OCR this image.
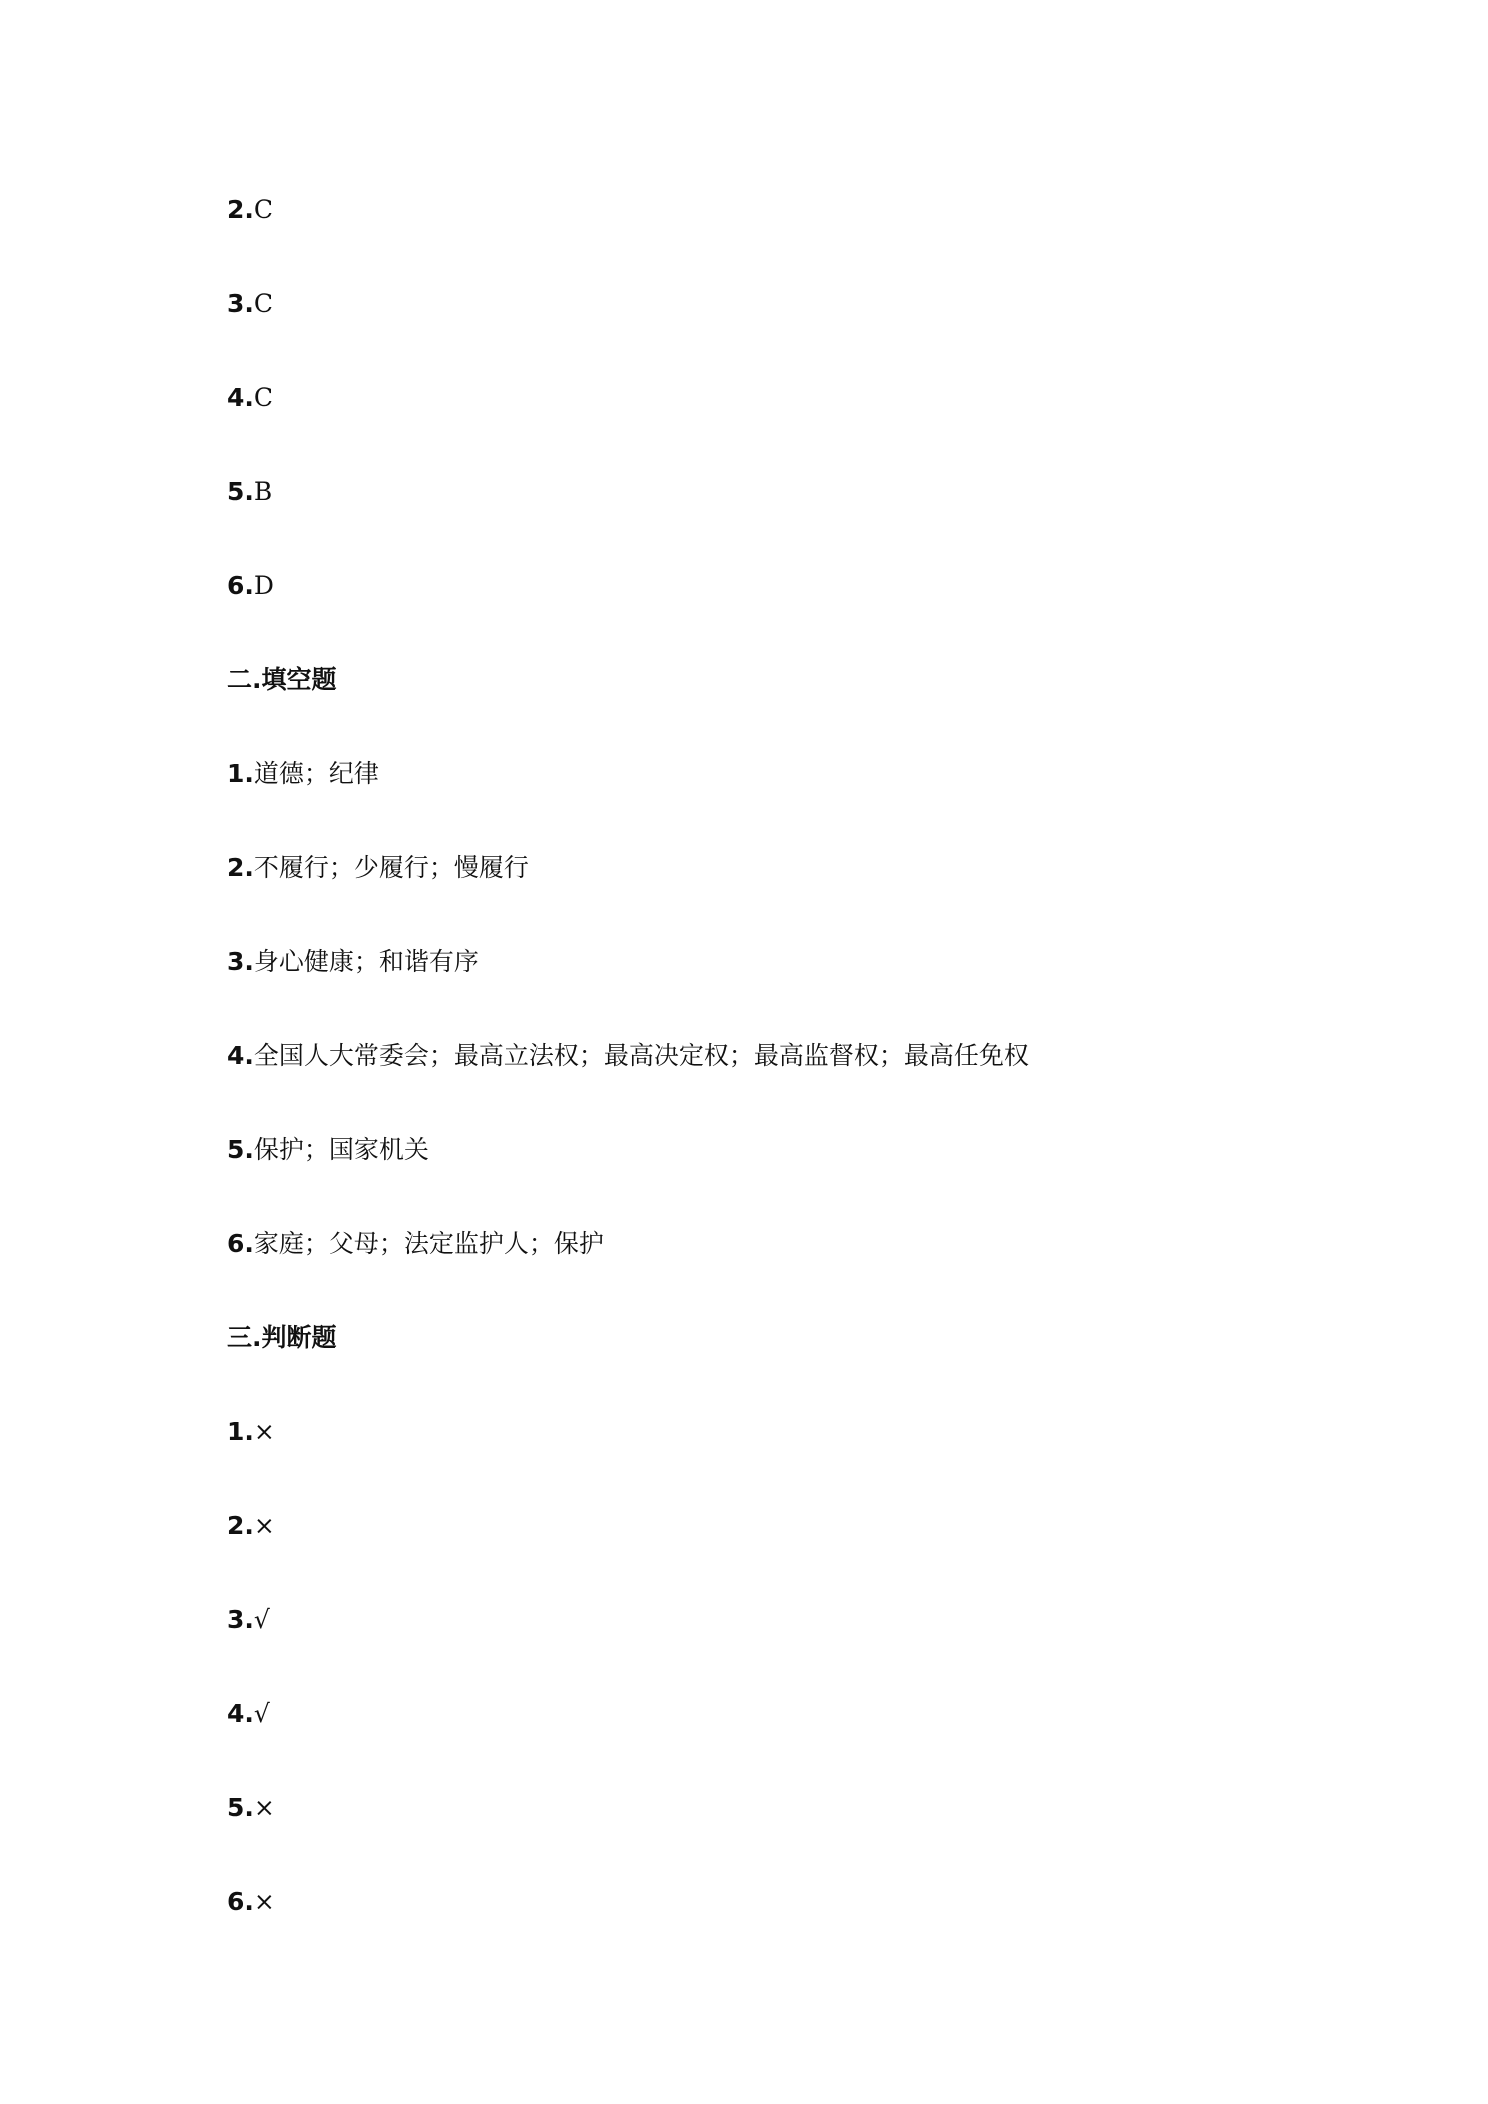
2.C
3.C
4.C
5.B
6.D
二.填空题
1.道德；纪律
2.不履行；少履行；慢履行
3.身心健康；和谐有序
4.全国人大常委会；最高立法权；最高决定权；最高监督权；最高任免权
5.保护；国家机关
6.家庭；父母；法定监护人；保护
三.判断题
1.×
2.×
3.√
4.√
5.×
6.×
